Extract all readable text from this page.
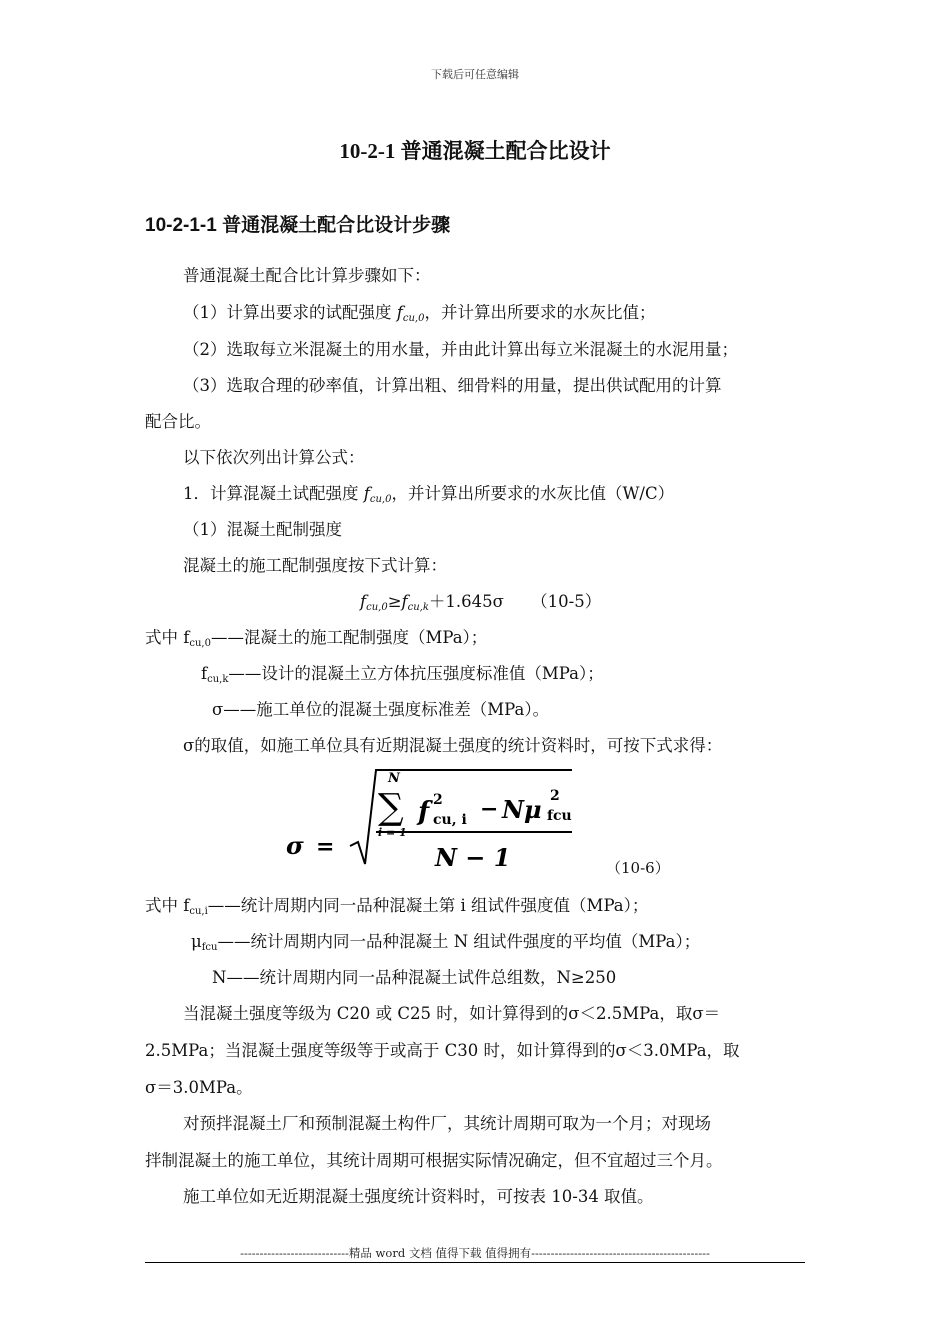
下载后可任意编辑
10-2-1 普通混凝土配合比设计
10-2-1-1 普通混凝土配合比设计步骤
普通混凝土配合比计算步骤如下：
（1）计算出要求的试配强度 $f_{cu,0}$，并计算出所要求的水灰比值；
（2）选取每立米混凝土的用水量，并由此计算出每立米混凝土的水泥用量；
（3）选取合理的砂率值，计算出粗、细骨料的用量，提出供试配用的计算
配合比。
以下依次列出计算公式：
1．计算混凝土试配强度 $f_{cu,0}$，并计算出所要求的水灰比值（W/C）
（1）混凝土配制强度
混凝土的施工配制强度按下式计算：
$f_{cu,0}\ge f_{cu,k}+1.645\sigma$ （10-5）
式中 fcu,0——混凝土的施工配制强度（MPa）；
fcu,k——设计的混凝土立方体抗压强度标准值（MPa）；
σ——施工单位的混凝土强度标准差（MPa）。
σ的取值，如施工单位具有近期混凝土强度的统计资料时，可按下式求得：
σ =
N
∑
i = 1
f 2
cu, i − Nμ 2
fcu
N − 1	（10-6）
式中 fcu,i——统计周期内同一品种混凝土第 i 组试件强度值（MPa）；
μfcu——统计周期内同一品种混凝土 N 组试件强度的平均值（MPa）；
N——统计周期内同一品种混凝土试件总组数，N≥250
当混凝土强度等级为 C20 或 C25 时，如计算得到的σ＜2.5MPa，取σ＝
2.5MPa；当混凝土强度等级等于或高于 C30 时，如计算得到的σ＜3.0MPa，取
σ＝3.0MPa。
对预拌混凝土厂和预制混凝土构件厂，其统计周期可取为一个月；对现场
拌制混凝土的施工单位，其统计周期可根据实际情况确定，但不宜超过三个月。
施工单位如无近期混凝土强度统计资料时，可按表 10-34 取值。
----------------------------精品 word 文档 值得下载 值得拥有----------------------------------------------
